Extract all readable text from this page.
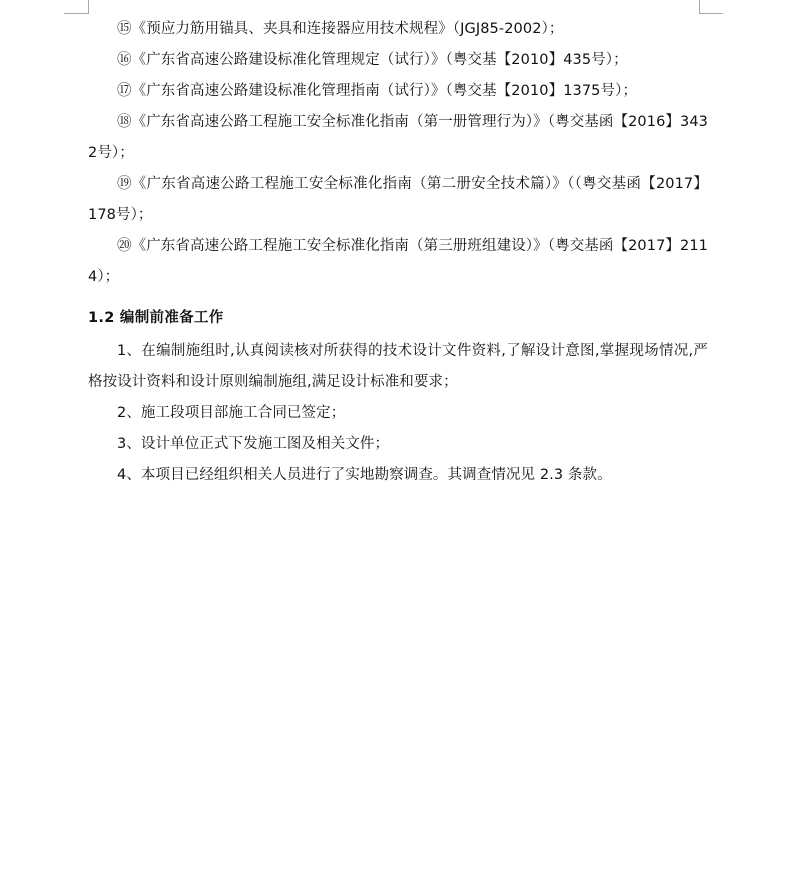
⑮《预应力筋用锚具、夹具和连接器应用技术规程》（JGJ85-2002）；

⑯《广东省高速公路建设标准化管理规定（试行）》（粤交基【2010】435号）；

⑰《广东省高速公路建设标准化管理指南（试行）》（粤交基【2010】1375号）；

⑱《广东省高速公路工程施工安全标准化指南（第一册管理行为）》（粤交基函【2016】3432号）；

⑲《广东省高速公路工程施工安全标准化指南（第二册安全技术篇）》（（粤交基函【2017】178号）；

⑳《广东省高速公路工程施工安全标准化指南（第三册班组建设）》（粤交基函【2017】2114）；

1.2 编制前准备工作

1、在编制施组时,认真阅读核对所获得的技术设计文件资料,了解设计意图,掌握现场情况,严格按设计资料和设计原则编制施组,满足设计标准和要求；

2、施工段项目部施工合同已签定；

3、设计单位正式下发施工图及相关文件；

4、本项目已经组织相关人员进行了实地勘察调查。其调查情况见 2.3 条款。
